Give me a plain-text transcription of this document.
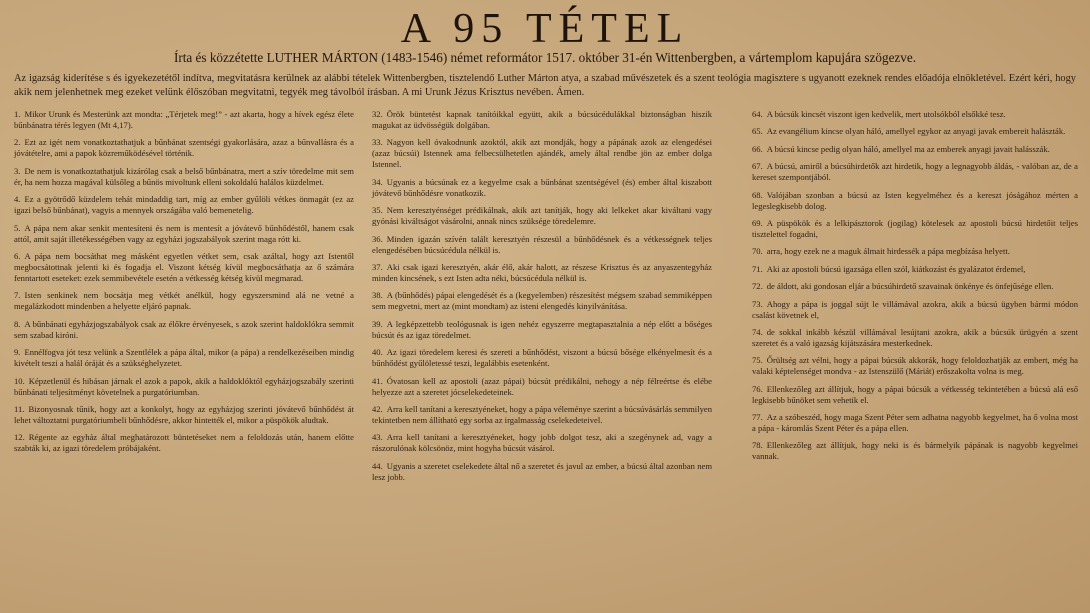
A 95 TÉTEL
Írta és közzétette LUTHER MÁRTON (1483-1546) német reformátor 1517. október 31-én Wittenbergben, a vártemplom kapujára szögezve.
Az igazság kiderítése s és igyekezetétől indítva, megvitatásra kerülnek az alábbi tételek Wittenbergben, tisztelendő Luther Márton atya, a szabad művészetek és a szent teológia magisztere s ugyanott ezeknek rendes előadója elnökletével. Ezért kéri, hogy akik nem jelenhetnek meg ezeket velünk élőszóban megvitatni, tegyék meg távolból írásban. A mi Urunk Jézus Krisztus nevében. Ámen.

1. Mikor Urunk és Mesterünk azt mondta: „Térjetek meg!” - azt akarta, hogy a hívek egész élete bűnbánatra térés legyen (Mt 4,17).

2. Ezt az igét nem vonatkoztathatjuk a bűnbánat szentségi gyakorlására, azaz a bűnvallásra és a jóvátételre, ami a papok közreműködésével történik.

3. De nem is vonatkoztathatjuk kizárólag csak a belső bűnbánatra, mert a szív töredelme mit sem ér, ha nem hozza magával külsőleg a bűnös mivoltunk elleni sokoldalú halálos küzdelmet.

4. Ez a gyötrődő küzdelem tehát mindaddig tart, míg az ember gyűlöli vétkes önmagát (ez az igazi belső bűnbánat), vagyis a mennyek országába való bemenetelig.

5. A pápa nem akar senkit mentesíteni és nem is mentesít a jóvátevő bűnhődéstől, hanem csak attól, amit saját illetékességében vagy az egyházi jogszabályok szerint maga rótt ki.

6. A pápa nem bocsáthat meg másként egyetlen vétket sem, csak azáltal, hogy azt Istentől megbocsátottnak jelenti ki és fogadja el. Viszont kétség kívül megbocsáthatja az ő számára fenntartott eseteket: ezek semmibevétele esetén a vétkesség kétség kívül megmarad.

7. Isten senkinek nem bocsátja meg vétkét anélkül, hogy egyszersmind alá ne vetné a megalázkodott mindenben a helyette eljáró papnak.

8. A bűnbánati egyházjogszabályok csak az élőkre érvényesek, s azok szerint haldoklókra semmit sem szabad kiróni.

9. Ennélfogva jót tesz velünk a Szentlélek a pápa által, mikor (a pápa) a rendelkezéseiben mindig kivételt teszi a halál óráját és a szükséghelyzetet.

10. Képzetlenül és hibásan járnak el azok a papok, akik a haldoklóktól egyházjogszabály szerinti bűnbánati teljesítményt követelnek a purgatóriumban.

11. Bizonyosnak tűnik, hogy azt a konkolyt, hogy az egyházjog szerinti jóvátevő bűnhődést át lehet változtatni purgatóriumbeli bűnhődésre, akkor hintették el, mikor a püspökök aludtak.

12. Régente az egyház által meghatározott büntetéseket nem a feloldozás után, hanem előtte szabták ki, az igazi töredelem próbájaként.

32. Örök büntetést kapnak tanítóikkal együtt, akik a búcsúcédulákkal biztonságban hiszik magukat az üdvösségük dolgában.

33. Nagyon kell óvakodnunk azoktól, akik azt mondják, hogy a pápának azok az elengedései (azaz búcsúi) Istennek ama felbecsülhetetlen ajándék, amely által rendbe jön az ember dolga Istennel.

34. Ugyanis a búcsúnak ez a kegyelme csak a bűnbánat szentségével (és) ember által kiszabott jóvátevő bűnhődésre vonatkozik.

35. Nem keresztyénséget prédikálnak, akik azt tanítják, hogy aki lelkeket akar kiváltani vagy gyónási kiváltságot vásárolni, annak nincs szüksége töredelemre.

36. Minden igazán szívén talált keresztyén részesül a bűnhődésnek és a vétkességnek teljes elengedésében búcsúcédula nélkül is.

37. Aki csak igazi keresztyén, akár élő, akár halott, az részese Krisztus és az anyaszentegyház minden kincsének, s ezt Isten adta néki, búcsúcédula nélkül is.

38. A (bűnhődés) pápai elengedését és a (kegyelemben) részesítést mégsem szabad semmiképpen sem megvetni, mert az (mint mondtam) az isteni elengedés kinyilvánítása.

39. A legképzettebb teológusnak is igen nehéz egyszerre megtapasztalnia a nép előtt a bőséges búcsút és az igaz töredelmet.

40. Az igazi töredelem keresi és szereti a bűnhődést, viszont a búcsú bősége elkényelmesít és a bűnhődést gyűlöletessé teszi, legalábbis esetenként.

41. Óvatosan kell az apostoli (azaz pápai) búcsút prédikálni, nehogy a nép félreértse és elébe helyezze azt a szeretet jócselekedeteinek.

42. Arra kell tanítani a keresztyéneket, hogy a pápa véleménye szerint a búcsúvásárlás semmilyen tekintetben nem állítható egy sorba az irgalmasság cselekedeteivel.

43. Arra kell tanítani a keresztyéneket, hogy jobb dolgot tesz, aki a szegénynek ad, vagy a rászorulónak kölcsönöz, mint hogyha búcsút vásárol.

44. Ugyanis a szeretet cselekedete által nő a szeretet és javul az ember, a búcsú által azonban nem lesz jobb.

64. A búcsúk kincsét viszont igen kedvelik, mert utolsókból elsőkké tesz.

65. Az evangélium kincse olyan háló, amellyel egykor az anyagi javak embereit halászták.

66. A búcsú kincse pedig olyan háló, amellyel ma az emberek anyagi javait halásszák.

67. A búcsú, amiről a búcsúhirdetők azt hirdetik, hogy a legnagyobb áldás, - valóban az, de a kereset szempontjából.

68. Valójában szonban a búcsú az Isten kegyelméhez és a kereszt jóságához mérten a legeslegkisebb dolog.

69. A püspökök és a lelkipásztorok (jogilag) kötelesek az apostoli búcsú hirdetőit teljes tisztelettel fogadni,

70. arra, hogy ezek ne a maguk álmait hirdessék a pápa megbízása helyett.

71. Aki az apostoli búcsú igazsága ellen szól, kiátkozást és gyalázatot érdemel,

72. de áldott, aki gondosan eljár a búcsúhirdető szavainak önkénye és önfejűsége ellen.

73. Ahogy a pápa is joggal sújt le villámával azokra, akik a búcsú ügyben bármi módon csalást követnek el,

74. de sokkal inkább készül villámával lesújtani azokra, akik a búcsúk ürügyén a szent szeretet és a való igazság kijátszására mesterkednek.

75. Őrültség azt vélni, hogy a pápai búcsúk akkorák, hogy feloldozhatják az embert, még ha valaki képtelenséget mondva - az Istenszülő (Máriát) erőszakolta volna is meg.

76. Ellenkezőleg azt állítjuk, hogy a pápai búcsúk a vétkesség tekintetében a búcsú alá eső legkisebb bűnöket sem vehetik el.

77. Az a szóbeszéd, hogy maga Szent Péter sem adhatna nagyobb kegyelmet, ha ő volna most a pápa - káromlás Szent Péter és a pápa ellen.

78. Ellenkezőleg azt állítjuk, hogy neki is és bármelyik pápának is nagyobb kegyelmei vannak.
